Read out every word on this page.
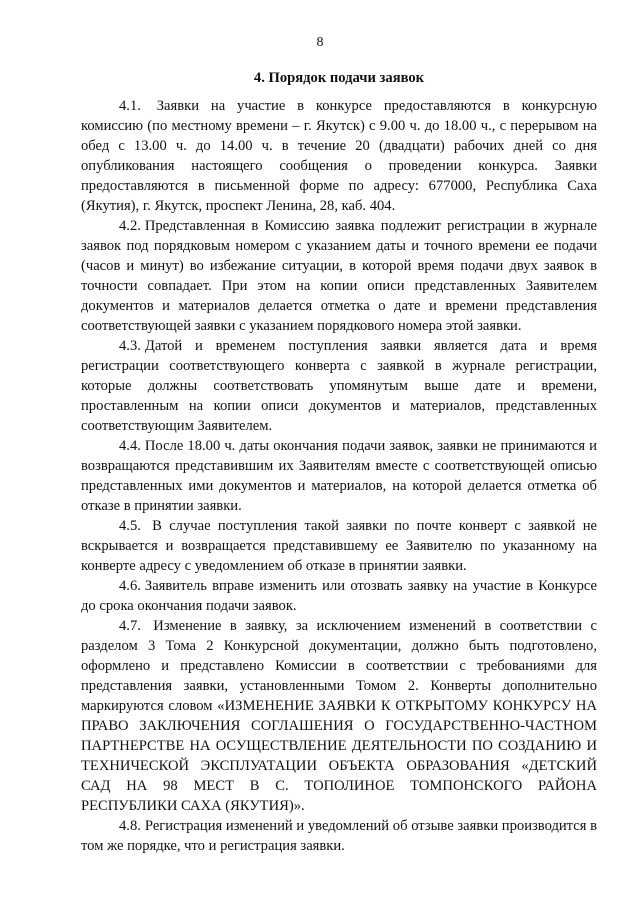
8
4. Порядок подачи заявок

4.1. Заявки на участие в конкурсе предоставляются в конкурсную комиссию (по местному времени – г. Якутск) с 9.00 ч. до 18.00 ч., с перерывом на обед с 13.00 ч. до 14.00 ч. в течение 20 (двадцати) рабочих дней со дня опубликования настоящего сообщения о проведении конкурса. Заявки предоставляются в письменной форме по адресу: 677000, Республика Саха (Якутия), г. Якутск, проспект Ленина, 28, каб. 404.

4.2. Представленная в Комиссию заявка подлежит регистрации в журнале заявок под порядковым номером с указанием даты и точного времени ее подачи (часов и минут) во избежание ситуации, в которой время подачи двух заявок в точности совпадает. При этом на копии описи представленных Заявителем документов и материалов делается отметка о дате и времени представления соответствующей заявки с указанием порядкового номера этой заявки.

4.3. Датой и временем поступления заявки является дата и время регистрации соответствующего конверта с заявкой в журнале регистрации, которые должны соответствовать упомянутым выше дате и времени, проставленным на копии описи документов и материалов, представленных соответствующим Заявителем.

4.4. После 18.00 ч. даты окончания подачи заявок, заявки не принимаются и возвращаются представившим их Заявителям вместе с соответствующей описью представленных ими документов и материалов, на которой делается отметка об отказе в принятии заявки.

4.5. В случае поступления такой заявки по почте конверт с заявкой не вскрывается и возвращается представившему ее Заявителю по указанному на конверте адресу с уведомлением об отказе в принятии заявки.

4.6. Заявитель вправе изменить или отозвать заявку на участие в Конкурсе до срока окончания подачи заявок.

4.7. Изменение в заявку, за исключением изменений в соответствии с разделом 3 Тома 2 Конкурсной документации, должно быть подготовлено, оформлено и представлено Комиссии в соответствии с требованиями для представления заявки, установленными Томом 2. Конверты дополнительно маркируются словом «ИЗМЕНЕНИЕ ЗАЯВКИ К ОТКРЫТОМУ КОНКУРСУ НА ПРАВО ЗАКЛЮЧЕНИЯ СОГЛАШЕНИЯ О ГОСУДАРСТВЕННО-ЧАСТНОМ ПАРТНЕРСТВЕ НА ОСУЩЕСТВЛЕНИЕ ДЕЯТЕЛЬНОСТИ ПО СОЗДАНИЮ И ТЕХНИЧЕСКОЙ ЭКСПЛУАТАЦИИ ОБЪЕКТА ОБРАЗОВАНИЯ «ДЕТСКИЙ САД НА 98 МЕСТ В С. ТОПОЛИНОЕ ТОМПОНСКОГО РАЙОНА РЕСПУБЛИКИ САХА (ЯКУТИЯ)».

4.8. Регистрация изменений и уведомлений об отзыве заявки производится в том же порядке, что и регистрация заявки.
